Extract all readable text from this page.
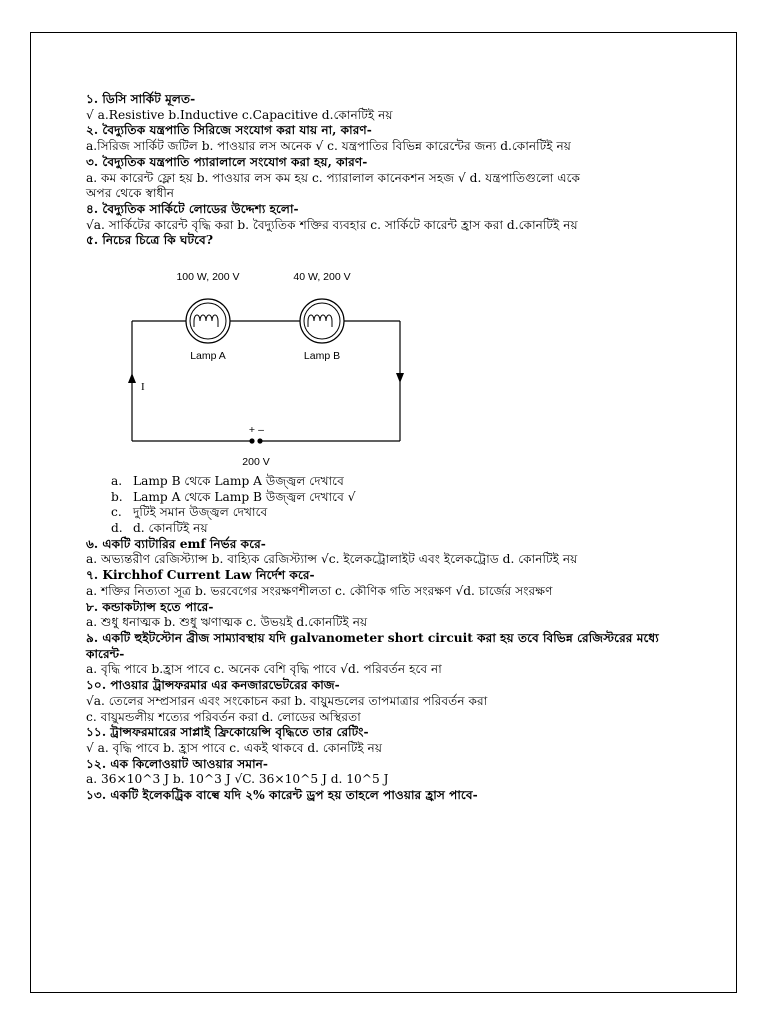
১. ডিসি সার্কিট মূলত-
√ a.Resistive b.Inductive c.Capacitive d.কোনটিই নয়
২. বৈদ্যুতিক যন্ত্রপাতি সিরিজে সংযোগ করা যায় না, কারণ-
a.সিরিজ সার্কিট জটিল b. পাওয়ার লস অনেক √ c. যন্ত্রপাতির বিভিন্ন কারেন্টের জন্য d.কোনটিই নয়
৩. বৈদ্যুতিক যন্ত্রপাতি প্যারালালে সংযোগ করা হয়, কারণ-
a. কম কারেন্ট ফ্লো হয় b. পাওয়ার লস কম হয় c. প্যারালাল কানেকশন সহজ √ d. যন্ত্রপাতিগুলো একে
অপর থেকে স্বাধীন
৪. বৈদ্যুতিক সার্কিটে লোডের উদ্দেশ্য হলো-
√a. সার্কিটের কারেন্ট বৃদ্ধি করা b. বৈদ্যুতিক শক্তির ব্যবহার c. সার্কিটে কারেন্ট হ্রাস করা d.কোনটিই নয়
৫. নিচের চিত্রে কি ঘটবে?
100 W, 200 V	40 W, 200 V
Lamp A	Lamp B
I
+ –
200 V
a. Lamp B থেকে Lamp A উজ্জ্বল দেখাবে
b. Lamp A থেকে Lamp B উজ্জ্বল দেখাবে √
c. দুটিই সমান উজ্জ্বল দেখাবে
d. d. কোনটিই নয়
৬. একটি ব্যাটারির emf নির্ভর করে-
a. অভ্যন্তরীণ রেজিস্ট্যান্স b. বাহ্যিক রেজিস্ট্যান্স √c. ইলেকট্রোলাইট এবং ইলেকট্রোড d. কোনটিই নয়
৭. Kirchhof Current Law নির্দেশ করে-
a. শক্তির নিত্যতা সূত্র b. ভরবেগের সংরক্ষণশীলতা c. কৌণিক গতি সংরক্ষণ √d. চার্জের সংরক্ষণ
৮. কন্ডাকট্যান্স হতে পারে-
a. শুধু ধনাত্মক b. শুধু ঋণাত্মক c. উভয়ই d.কোনটিই নয়
৯. একটি হুইটস্টোন ব্রীজ সাম্যাবস্থায় যদি galvanometer short circuit করা হয় তবে বিভিন্ন রেজিস্টরের মধ্যে
কারেন্ট-
a. বৃদ্ধি পাবে b.হ্রাস পাবে c. অনেক বেশি বৃদ্ধি পাবে √d. পরিবর্তন হবে না
১০. পাওয়ার ট্রান্সফরমার এর কনজারভেটরের কাজ-
√a. তেলের সম্প্রসারন এবং সংকোচন করা b. বায়ুমন্ডলের তাপমাত্রার পরিবর্তন করা
c. বায়ুমন্ডলীয় শত্যের পরিবর্তন করা d. লোডের অস্থিরতা
১১. ট্রান্সফরমারের সাপ্লাই ফ্রিকোয়েন্সি বৃদ্ধিতে তার রেটিং-
√ a. বৃদ্ধি পাবে b. হ্রাস পাবে c. একই থাকবে d. কোনটিই নয়
১২. এক কিলোওয়াট আওয়ার সমান-
a. 36×10^3 J b. 10^3 J √C. 36×10^5 J d. 10^5 J
১৩. একটি ইলেকট্রিক বাল্বে যদি ২% কারেন্ট ড্রপ হয় তাহলে পাওয়ার হ্রাস পাবে-
